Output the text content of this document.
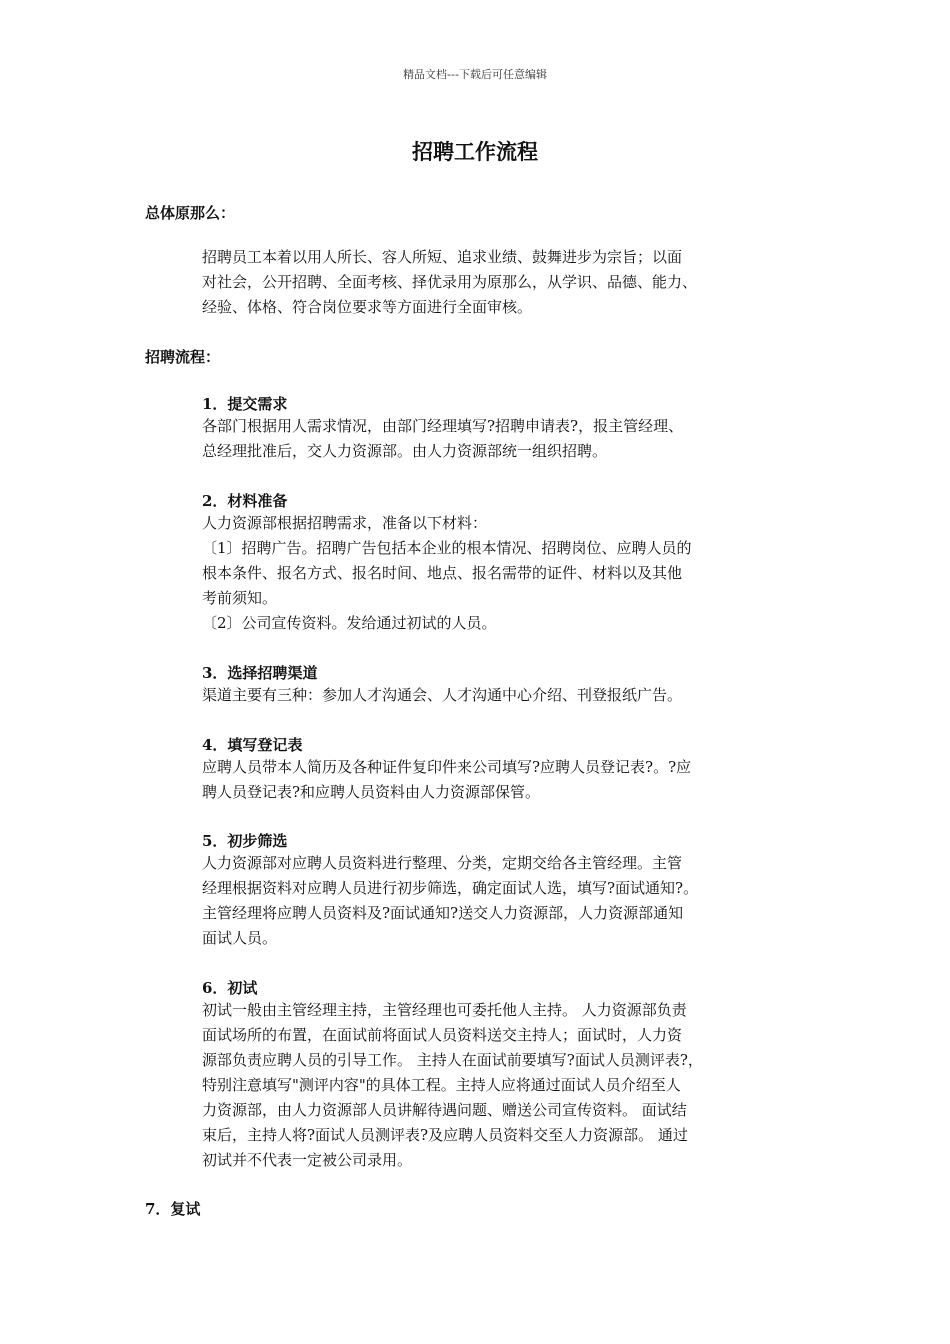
精品文档---下载后可任意编辑
招聘工作流程
总体原那么：

招聘员工本着以用人所长、容人所短、追求业绩、鼓舞进步为宗旨；以面

对社会，公开招聘、全面考核、择优录用为原那么，从学识、品德、能力、

经验、体格、符合岗位要求等方面进行全面审核。

招聘流程：
1．提交需求

各部门根据用人需求情况，由部门经理填写?招聘申请表?，报主管经理、

总经理批准后，交人力资源部。由人力资源部统一组织招聘。

2．材料准备

人力资源部根据招聘需求，准备以下材料：

〔1〕招聘广告。招聘广告包括本企业的根本情况、招聘岗位、应聘人员的

根本条件、报名方式、报名时间、地点、报名需带的证件、材料以及其他

考前须知。

〔2〕公司宣传资料。发给通过初试的人员。

3．选择招聘渠道

渠道主要有三种：参加人才沟通会、人才沟通中心介绍、刊登报纸广告。

4．填写登记表

应聘人员带本人简历及各种证件复印件来公司填写?应聘人员登记表?。?应

聘人员登记表?和应聘人员资料由人力资源部保管。

5．初步筛选

人力资源部对应聘人员资料进行整理、分类，定期交给各主管经理。主管

经理根据资料对应聘人员进行初步筛选，确定面试人选，填写?面试通知?。

主管经理将应聘人员资料及?面试通知?送交人力资源部，人力资源部通知

面试人员。

6．初试

初试一般由主管经理主持，主管经理也可委托他人主持。 人力资源部负责

面试场所的布置，在面试前将面试人员资料送交主持人；面试时，人力资

源部负责应聘人员的引导工作。 主持人在面试前要填写?面试人员测评表?，

特别注意填写"测评内容"的具体工程。主持人应将通过面试人员介绍至人

力资源部，由人力资源部人员讲解待遇问题、赠送公司宣传资料。 面试结

束后，主持人将?面试人员测评表?及应聘人员资料交至人力资源部。 通过

初试并不代表一定被公司录用。

7．复试
